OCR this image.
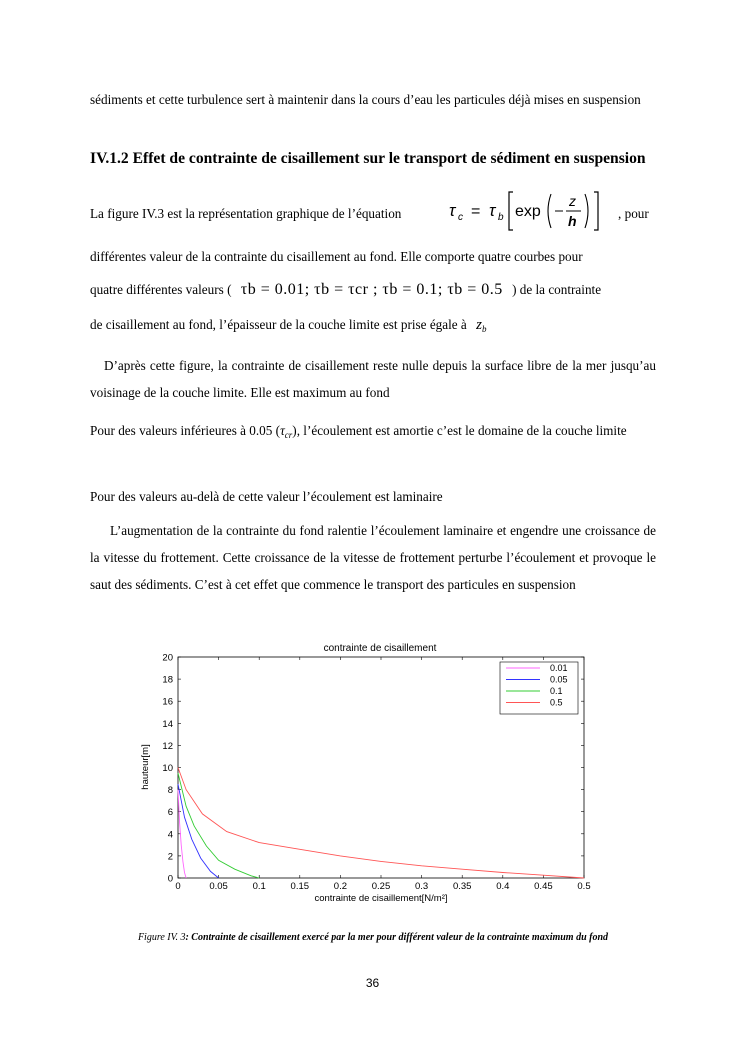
sédiments et cette turbulence sert à maintenir dans la cours d’eau les particules déjà mises en suspension

IV.1.2 Effet de contrainte de cisaillement sur le transport de sédiment en suspension
La figure IV.3 est la représentation graphique de l’équation	τ c = τ b exp
z
h	, pour
différentes valeur de la contrainte du cisaillement au fond. Elle comporte quatre courbes pour
quatre différentes valeurs ( τb = 0.01; τb = τcr ; τb = 0.1; τb = 0.5 ) de la contrainte
de cisaillement au fond, l’épaisseur de la couche limite est prise égale à $z_b$

D’après cette figure, la contrainte de cisaillement reste nulle depuis la surface libre de la mer jusqu’au voisinage de la couche limite. Elle est maximum au fond

Pour des valeurs inférieures à 0.05 $(\tau_{cr})$, l’écoulement est amortie c’est le domaine de la couche limite

Pour des valeurs au-delà de cette valeur l’écoulement est laminaire

L’augmentation de la contrainte du fond ralentie l’écoulement laminaire et engendre une croissance de la vitesse du frottement. Cette croissance de la vitesse de frottement perturbe l’écoulement et provoque le saut des sédiments. C’est à cet effet que commence le transport des particules en suspension

contrainte de cisaillement
0	0.05	0.1	0.15	0.2	0.25	0.3	0.35	0.4	0.45	0.5
0
2
4
6
8
10
12
14
16
18
20
0.01
0.05
0.1
0.5
contrainte de cisaillement[N/m²]
hauteur[m]
Figure IV. 3: Contrainte de cisaillement exercé par la mer pour différent valeur de la contrainte maximum du fond
36
